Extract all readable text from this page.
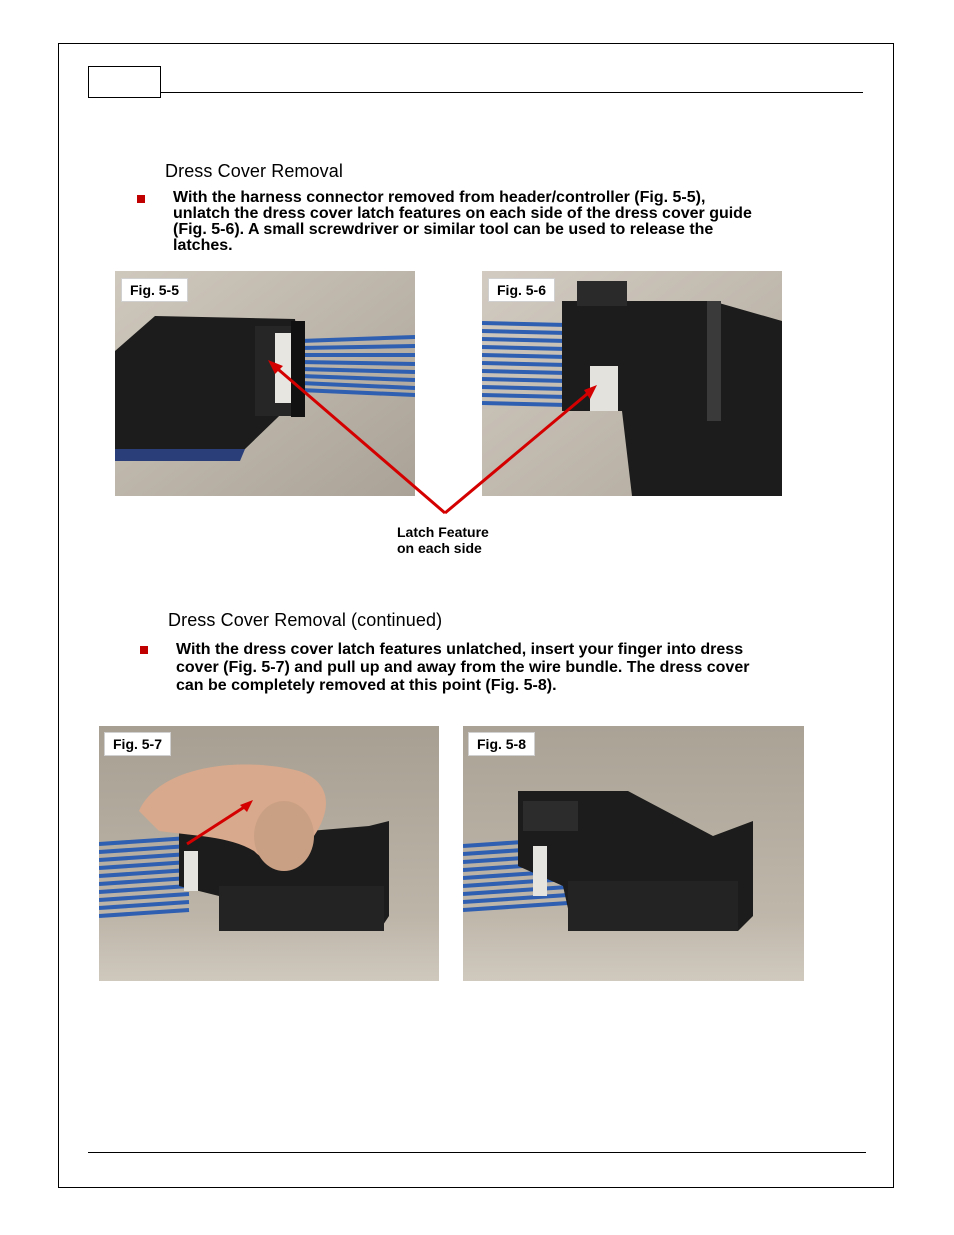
Dress Cover Removal
With the harness connector removed from header/controller (Fig. 5-5),
unlatch the dress cover latch features on each side of the dress cover guide
(Fig. 5-6). A small screwdriver or similar tool can be used to release the
latches.
Fig. 5-5	Fig. 5-6
Latch Feature
on each side
Dress Cover Removal (continued)
With the dress cover latch features unlatched, insert your finger into dress
cover (Fig. 5-7) and pull up and away from the wire bundle. The dress cover
can be completely removed at this point (Fig. 5-8).
Fig. 5-7	Fig. 5-8
